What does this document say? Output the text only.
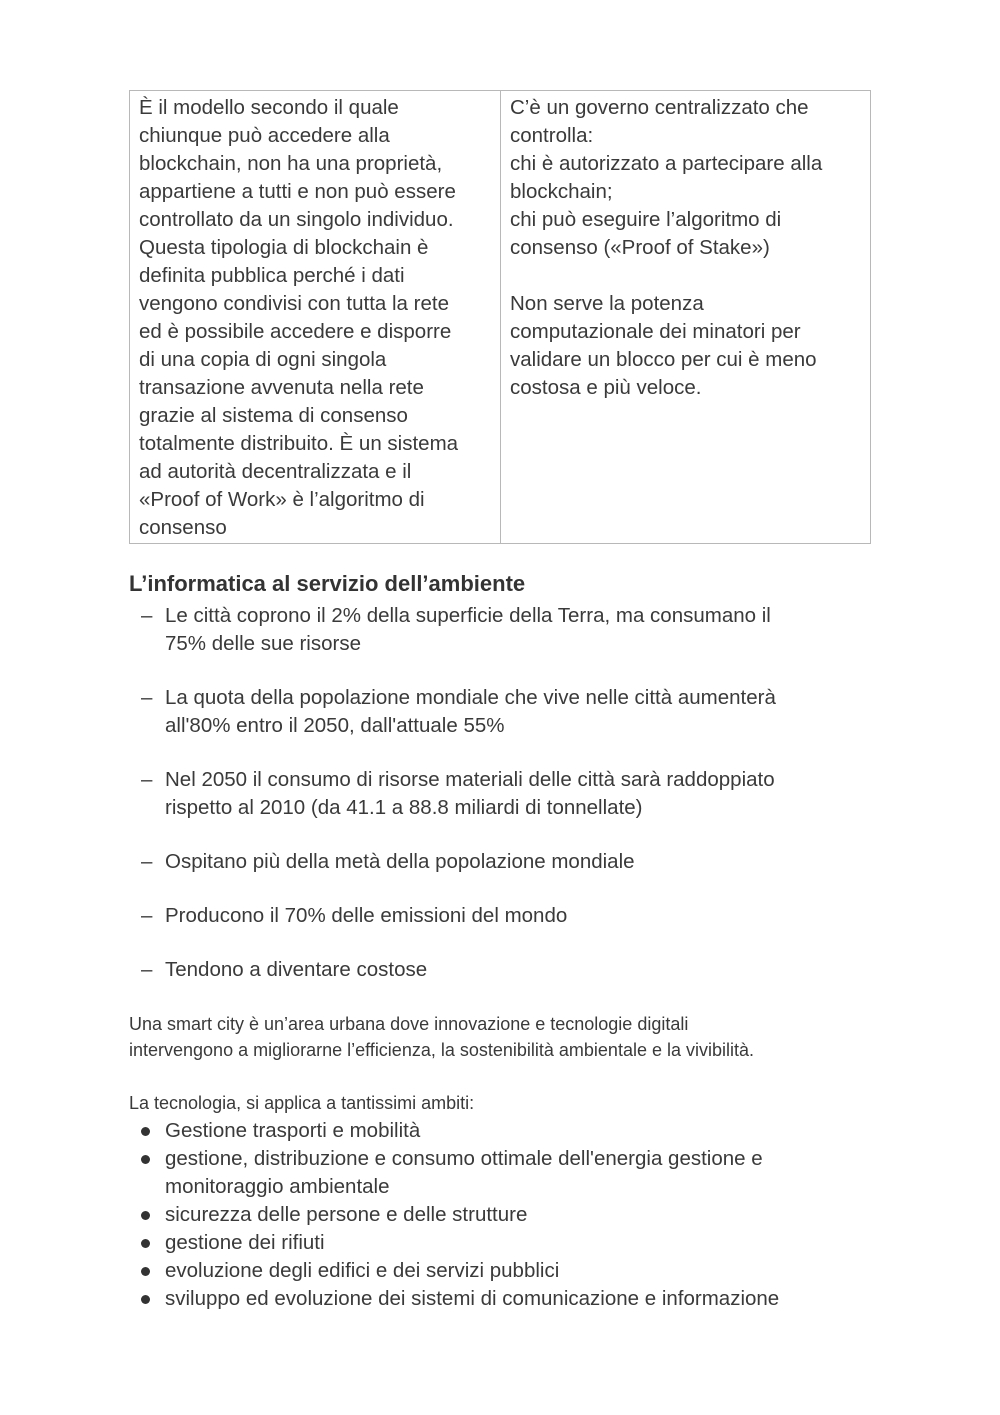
È il modello secondo il quale
chiunque può accedere alla
blockchain, non ha una proprietà,
appartiene a tutti e non può essere
controllato da un singolo individuo.
Questa tipologia di blockchain è
definita pubblica perché i dati
vengono condivisi con tutta la rete
ed è possibile accedere e disporre
di una copia di ogni singola
transazione avvenuta nella rete
grazie al sistema di consenso
totalmente distribuito. È un sistema
ad autorità decentralizzata e il
«Proof of Work» è l’algoritmo di
consenso
C’è un governo centralizzato che
controlla:
chi è autorizzato a partecipare alla
blockchain;
chi può eseguire l’algoritmo di
consenso («Proof of Stake»)
Non serve la potenza
computazionale dei minatori per
validare un blocco per cui è meno
costosa e più veloce.
L’informatica al servizio dell’ambiente
– Le città coprono il 2% della superficie della Terra, ma consumano il
75% delle sue risorse
– La quota della popolazione mondiale che vive nelle città aumenterà
all'80% entro il 2050, dall'attuale 55%
– Nel 2050 il consumo di risorse materiali delle città sarà raddoppiato
rispetto al 2010 (da 41.1 a 88.8 miliardi di tonnellate)
– Ospitano più della metà della popolazione mondiale
– Producono il 70% delle emissioni del mondo
– Tendono a diventare costose
Una smart city è un’area urbana dove innovazione e tecnologie digitali
intervengono a migliorarne l’efficienza, la sostenibilità ambientale e la vivibilità.
La tecnologia, si applica a tantissimi ambiti:
Gestione trasporti e mobilità
gestione, distribuzione e consumo ottimale dell'energia gestione e
monitoraggio ambientale
sicurezza delle persone e delle strutture
gestione dei rifiuti
evoluzione degli edifici e dei servizi pubblici
sviluppo ed evoluzione dei sistemi di comunicazione e informazione
